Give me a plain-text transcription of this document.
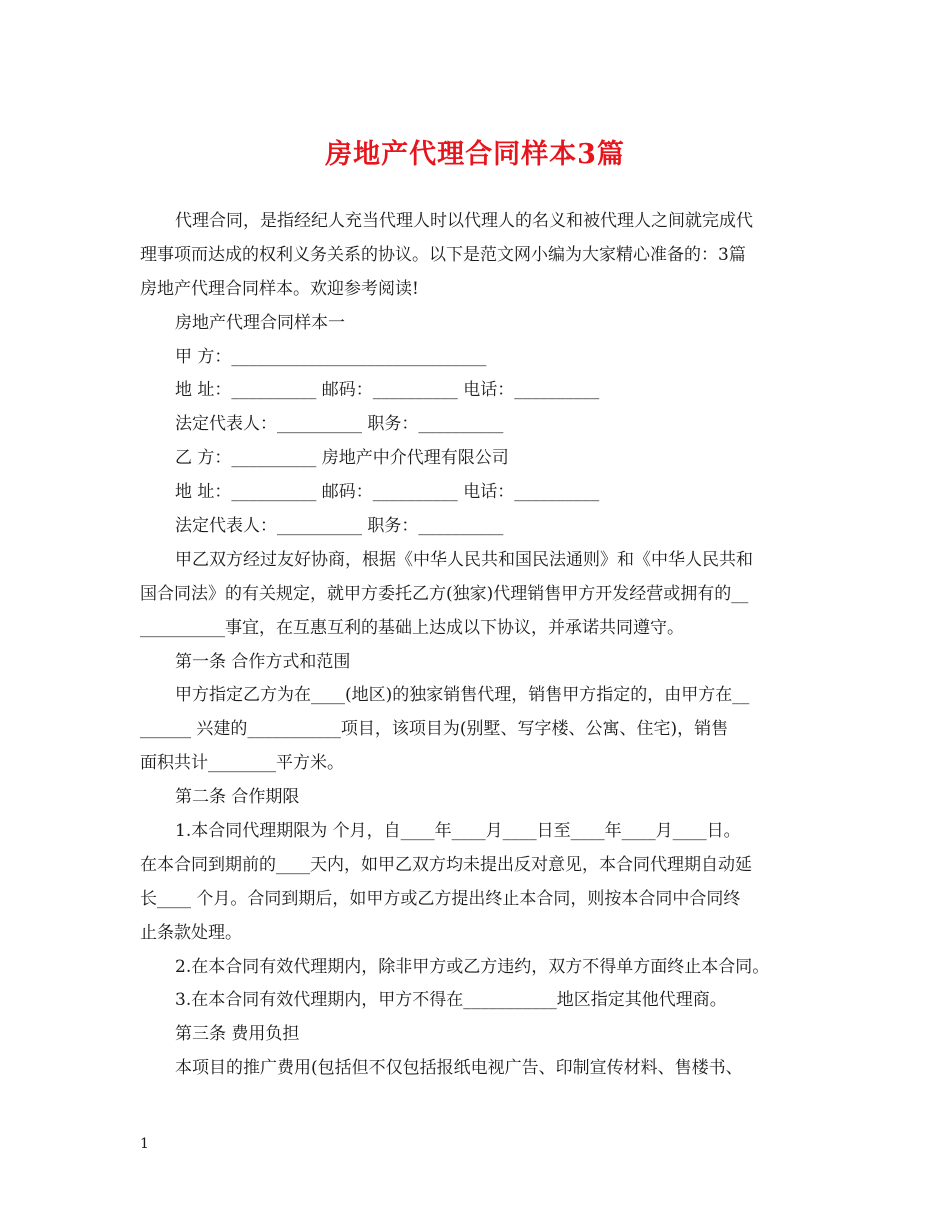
房地产代理合同样本3篇
代理合同，是指经纪人充当代理人时以代理人的名义和被代理人之间就完成代
理事项而达成的权利义务关系的协议。以下是范文网小编为大家精心准备的：3篇
房地产代理合同样本。欢迎参考阅读!
房地产代理合同样本一
甲 方：______________________________
地 址：__________ 邮码：__________ 电话：__________
法定代表人：__________ 职务：__________
乙 方：__________ 房地产中介代理有限公司
地 址：__________ 邮码：__________ 电话：__________
法定代表人：__________ 职务：__________
甲乙双方经过友好协商，根据《中华人民共和国民法通则》和《中华人民共和
国合同法》的有关规定，就甲方委托乙方(独家)代理销售甲方开发经营或拥有的__
__________事宜，在互惠互利的基础上达成以下协议，并承诺共同遵守。
第一条 合作方式和范围
甲方指定乙方为在____(地区)的独家销售代理，销售甲方指定的，由甲方在__
______ 兴建的___________项目，该项目为(别墅、写字楼、公寓、住宅)，销售
面积共计________平方米。
第二条 合作期限
1.本合同代理期限为 个月，自____年____月____日至____年____月____日。
在本合同到期前的____天内，如甲乙双方均未提出反对意见，本合同代理期自动延
长____ 个月。合同到期后，如甲方或乙方提出终止本合同，则按本合同中合同终
止条款处理。
2.在本合同有效代理期内，除非甲方或乙方违约，双方不得单方面终止本合同。
3.在本合同有效代理期内，甲方不得在___________地区指定其他代理商。
第三条 费用负担
本项目的推广费用(包括但不仅包括报纸电视广告、印制宣传材料、售楼书、
1
